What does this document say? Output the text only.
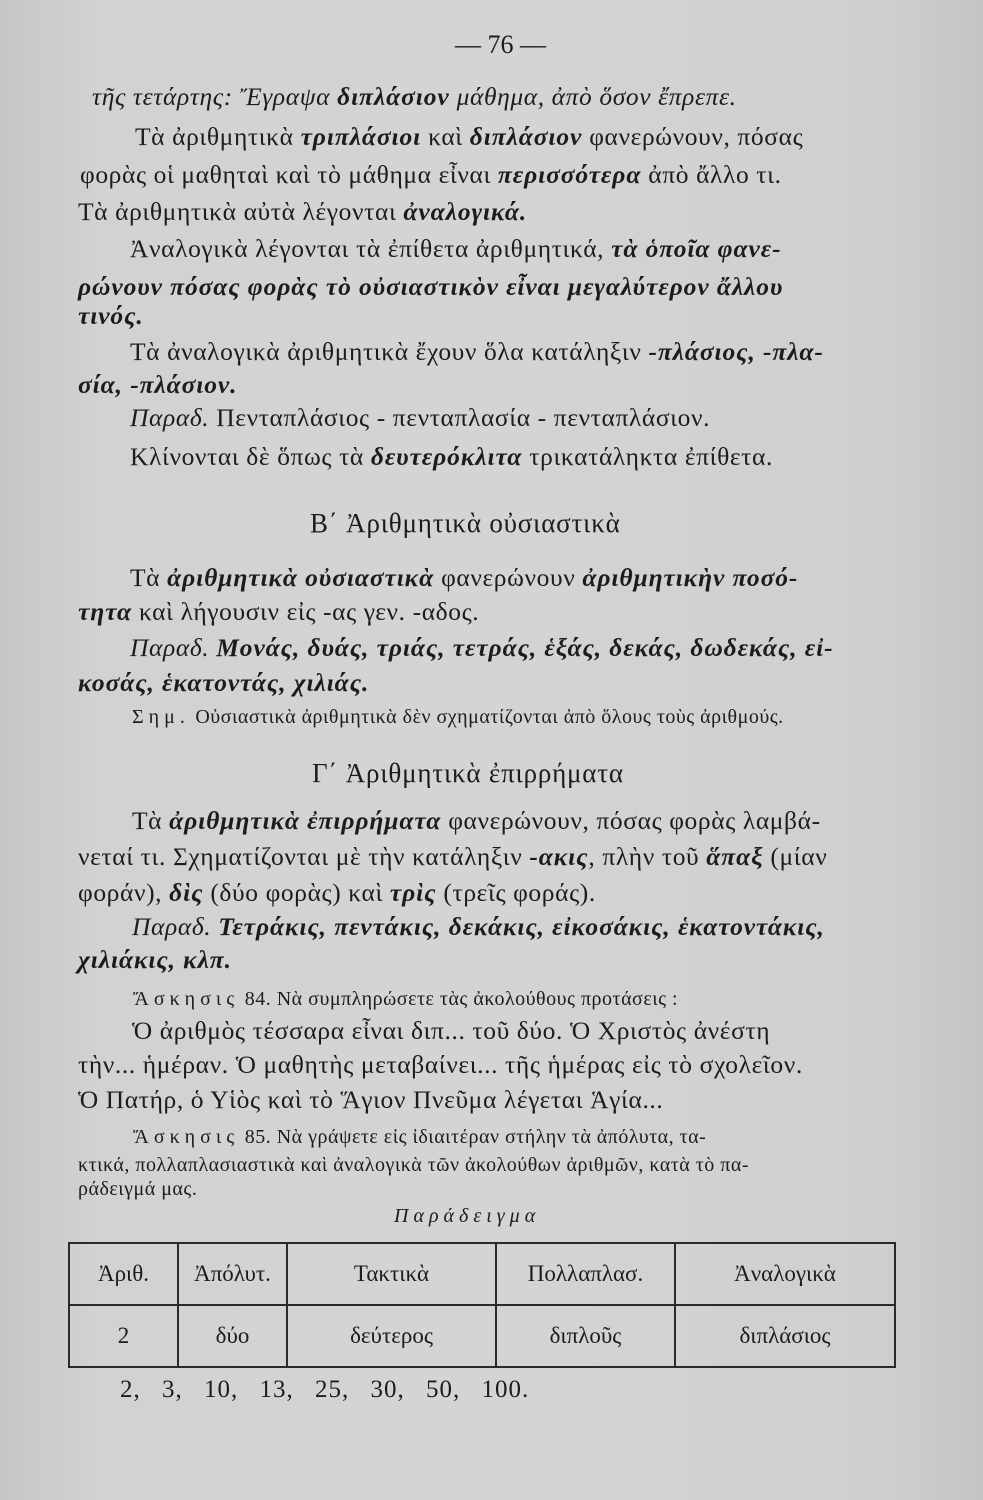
— 76 —
τῆς τετάρτης: Ἔγραψα διπλάσιον μάθημα, ἀπὸ ὅσον ἔπρεπε.
Τὰ ἀριθμητικὰ τριπλάσιοι καὶ διπλάσιον φανερώνουν, πόσας
φορὰς οἱ μαθηταὶ καὶ τὸ μάθημα εἶναι περισσότερα ἀπὸ ἄλλο τι.
Τὰ ἀριθμητικὰ αὐτὰ λέγονται ἀναλογικά.
Ἀναλογικὰ λέγονται τὰ ἐπίθετα ἀριθμητικά, τὰ ὁποῖα φανε-
ρώνουν πόσας φορὰς τὸ οὐσιαστικὸν εἶναι μεγαλύτερον ἄλλου
τινός.
Τὰ ἀναλογικὰ ἀριθμητικὰ ἔχουν ὅλα κατάληξιν -πλάσιος, -πλα-
σία, -πλάσιον.
Παραδ. Πενταπλάσιος - πενταπλασία - πενταπλάσιον.
Κλίνονται δὲ ὅπως τὰ δευτερόκλιτα τρικατάληκτα ἐπίθετα.
Β΄ Ἀριθμητικὰ οὐσιαστικὰ
Τὰ ἀριθμητικὰ οὐσιαστικὰ φανερώνουν ἀριθμητικὴν ποσό-
τητα καὶ λήγουσιν εἰς -ας γεν. -αδος.
Παραδ. Μονάς, δυάς, τριάς, τετράς, ἑξάς, δεκάς, δωδεκάς, εἰ-
κοσάς, ἑκατοντάς, χιλιάς.
Σημ. Οὐσιαστικὰ ἀριθμητικὰ δὲν σχηματίζονται ἀπὸ ὅλους τοὺς ἀριθμούς.
Γ΄ Ἀριθμητικὰ ἐπιρρήματα
Τὰ ἀριθμητικὰ ἐπιρρήματα φανερώνουν, πόσας φορὰς λαμβά-
νεταί τι. Σχηματίζονται μὲ τὴν κατάληξιν -ακις, πλὴν τοῦ ἅπαξ (μίαν
φοράν), δὶς (δύο φορὰς) καὶ τρὶς (τρεῖς φοράς).
Παραδ. Τετράκις, πεντάκις, δεκάκις, εἰκοσάκις, ἑκατοντάκις,
χιλιάκις, κλπ.
Ἄσκησις 84. Νὰ συμπληρώσετε τὰς ἀκολούθους προτάσεις :
Ὁ ἀριθμὸς τέσσαρα εἶναι διπ... τοῦ δύο. Ὁ Χριστὸς ἀνέστη
τὴν... ἡμέραν. Ὁ μαθητὴς μεταβαίνει... τῆς ἡμέρας εἰς τὸ σχολεῖον.
Ὁ Πατήρ, ὁ Υἱὸς καὶ τὸ Ἅγιον Πνεῦμα λέγεται Ἁγία...
Ἄσκησις 85. Νὰ γράψετε εἰς ἰδιαιτέραν στήλην τὰ ἀπόλυτα, τα-
κτικά, πολλαπλασιαστικὰ καὶ ἀναλογικὰ τῶν ἀκολούθων ἀριθμῶν, κατὰ τὸ πα-
ράδειγμά μας.
Παράδειγμα
Ἀριθ.	Ἀπόλυτ.	Τακτικὰ	Πολλαπλασ.	Ἀναλογικὰ
2	δύο	δεύτερος	διπλοῦς	διπλάσιος
2, 3, 10, 13, 25, 30, 50, 100.
